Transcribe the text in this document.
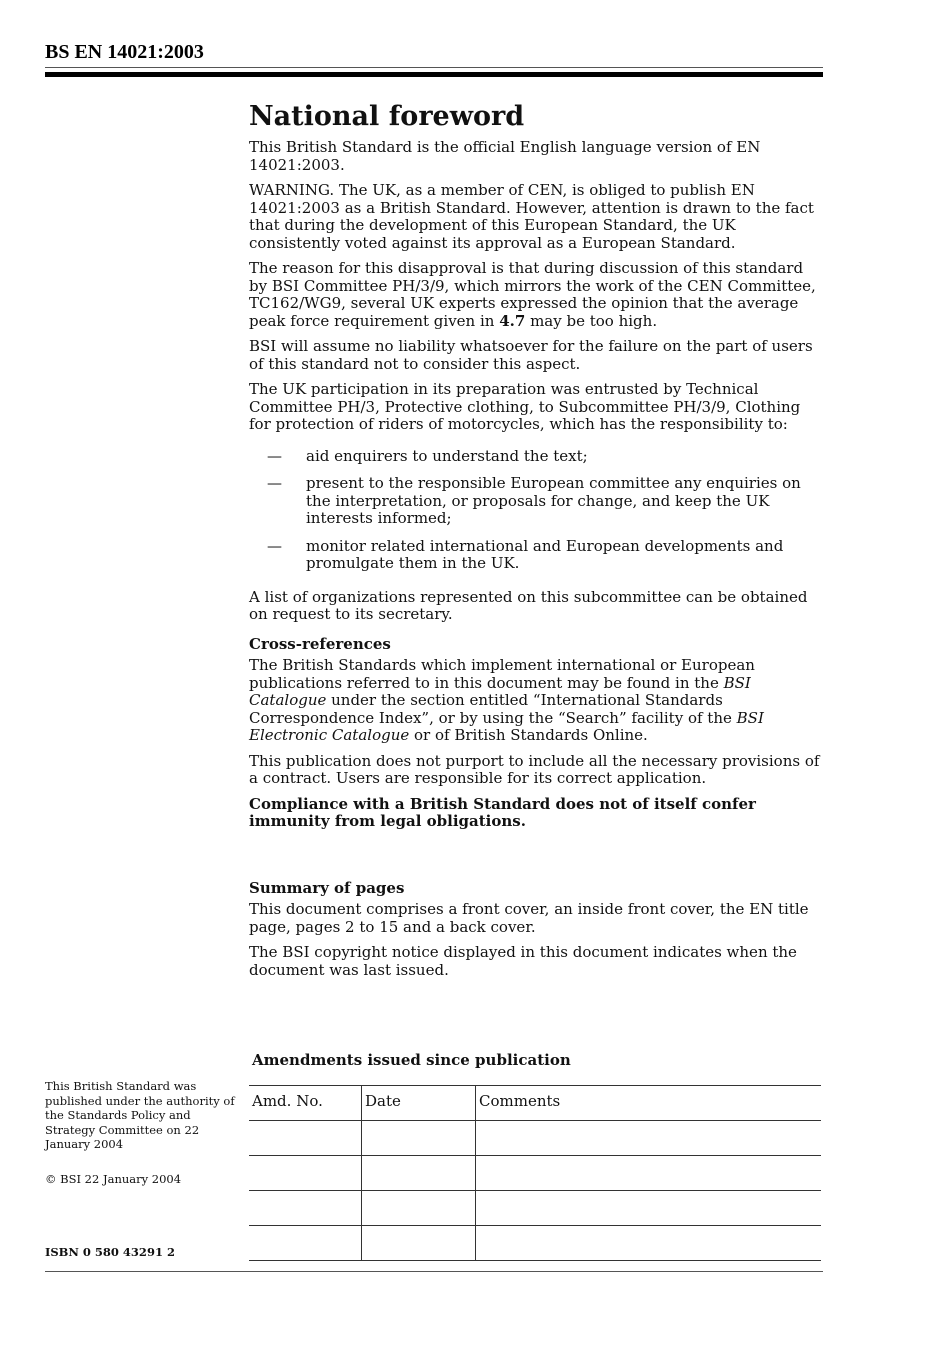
BS EN 14021:2003
National foreword

This British Standard is the official English language version of EN 14021:2003.

WARNING. The UK, as a member of CEN, is obliged to publish EN 14021:2003 as a British Standard. However, attention is drawn to the fact that during the development of this European Standard, the UK consistently voted against its approval as a European Standard.

The reason for this disapproval is that during discussion of this standard by BSI Committee PH/3/9, which mirrors the work of the CEN Committee, TC162/WG9, several UK experts expressed the opinion that the average peak force requirement given in 4.7 may be too high.

BSI will assume no liability whatsoever for the failure on the part of users of this standard not to consider this aspect.

The UK participation in its preparation was entrusted by Technical Committee PH/3, Protective clothing, to Subcommittee PH/3/9, Clothing for protection of riders of motorcycles, which has the responsibility to:

— aid enquirers to understand the text;
— present to the responsible European committee any enquiries on the interpretation, or proposals for change, and keep the UK interests informed;
— monitor related international and European developments and promulgate them in the UK.

A list of organizations represented on this subcommittee can be obtained on request to its secretary.

Cross-references

The British Standards which implement international or European publications referred to in this document may be found in the BSI Catalogue under the section entitled “International Standards Correspondence Index”, or by using the “Search” facility of the BSI Electronic Catalogue or of British Standards Online.

This publication does not purport to include all the necessary provisions of a contract. Users are responsible for its correct application.

Compliance with a British Standard does not of itself confer immunity from legal obligations.

Summary of pages

This document comprises a front cover, an inside front cover, the EN title page, pages 2 to 15 and a back cover.

The BSI copyright notice displayed in this document indicates when the document was last issued.

Amendments issued since publication
Amd. No.	Date	Comments

This British Standard was published under the authority of the Standards Policy and Strategy Committee on 22 January 2004
© BSI 22 January 2004
ISBN 0 580 43291 2
